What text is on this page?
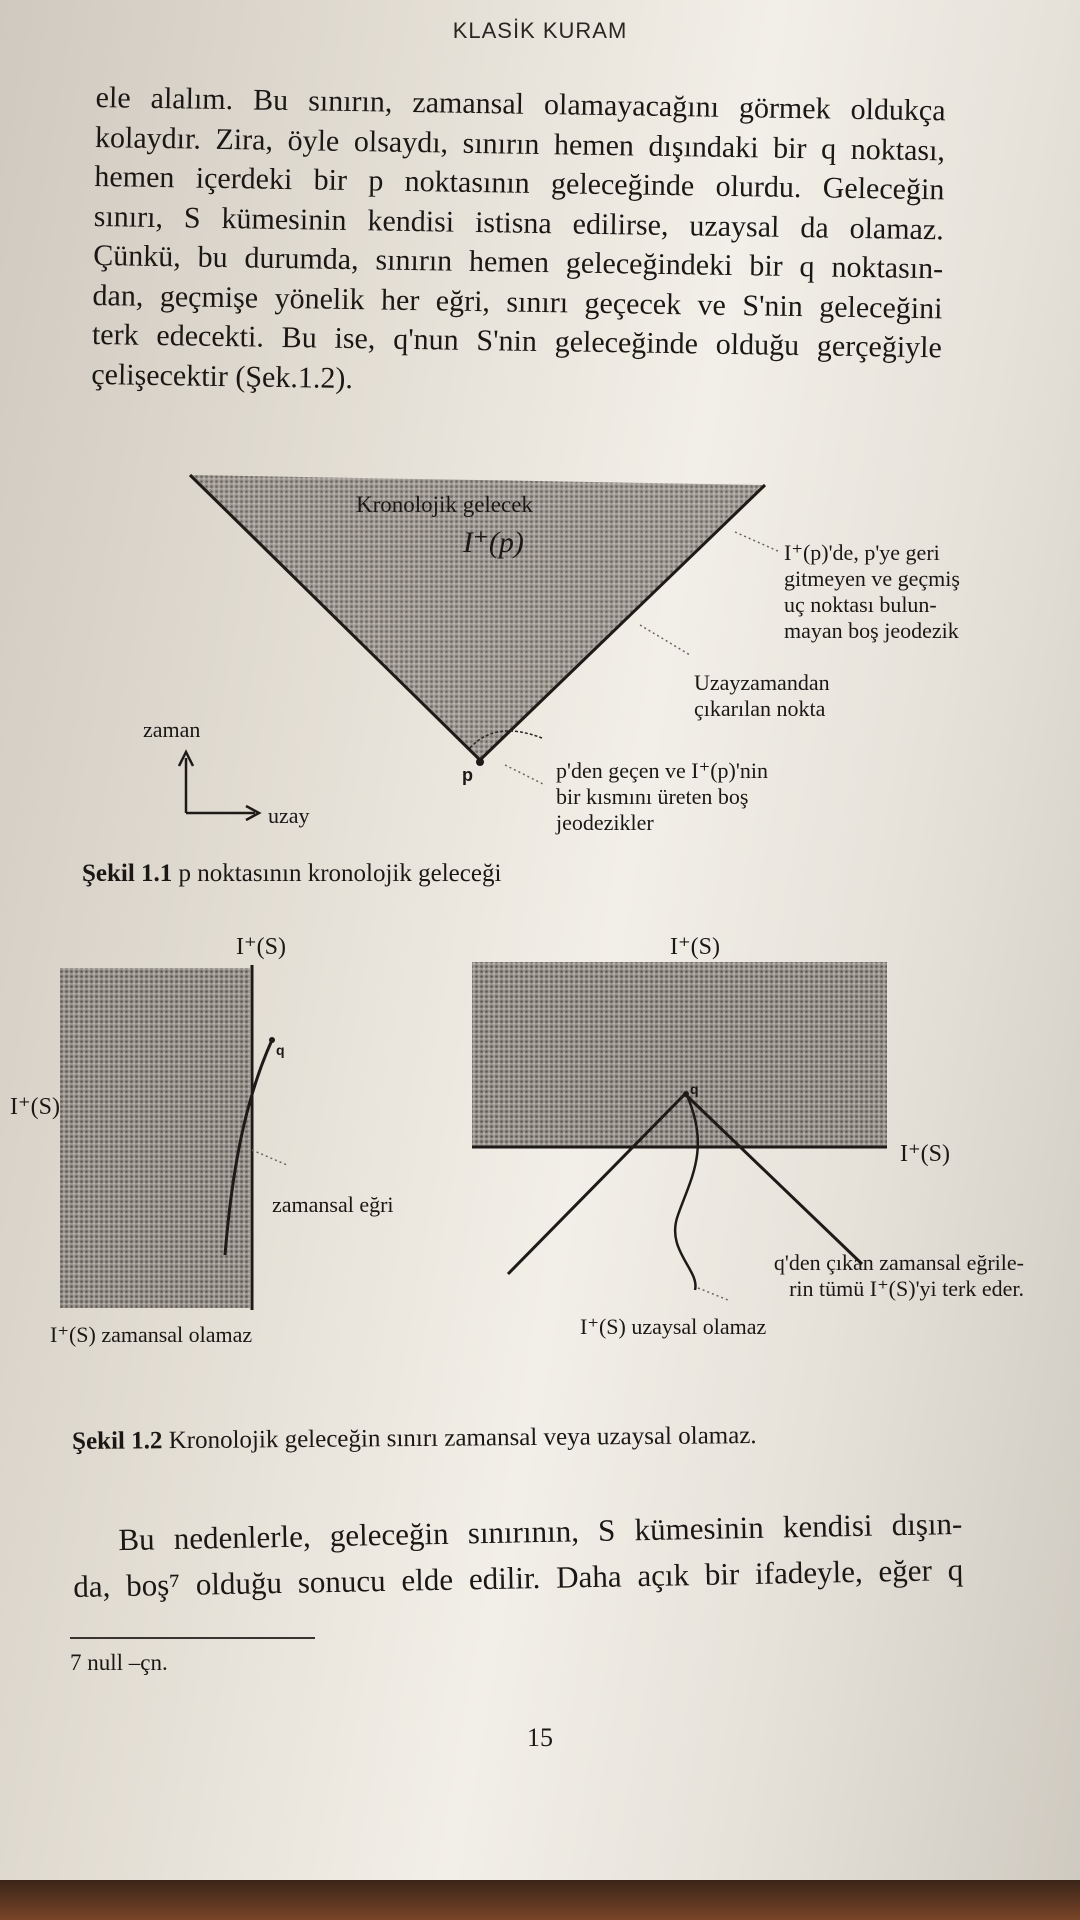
KLASİK KURAM
ele alalım. Bu sınırın, zamansal olamayacağını görmek oldukça
kolaydır. Zira, öyle olsaydı, sınırın hemen dışındaki bir q noktası,
hemen içerdeki bir p noktasının geleceğinde olurdu. Geleceğin
sınırı, S kümesinin kendisi istisna edilirse, uzaysal da olamaz.
Çünkü, bu durumda, sınırın hemen geleceğindeki bir q noktasın-
dan, geçmişe yönelik her eğri, sınırı geçecek ve S'nin geleceğini
terk edecekti. Bu ise, q'nun S'nin geleceğinde olduğu gerçeğiyle
çelişecektir (Şek.1.2).
Kronolojik gelecek
I⁺(p)	I⁺(p)'de, p'ye geri
gitmeyen ve geçmiş
uç noktası bulun-
mayan boş jeodezik
Uzayzamandan
çıkarılan nokta
p'den geçen ve I⁺(p)'nin
bir kısmını üreten boş
jeodezikler
p
zaman
uzay
Şekil 1.1 p noktasının kronolojik geleceği
I⁺(S)
I⁺(S)
q
zamansal eğri
I⁺(S) zamansal olamaz
I⁺(S)
I⁺(S)
q
q'den çıkan zamansal eğrile-
rin tümü I⁺(S)'yi terk eder.
I⁺(S) uzaysal olamaz
Şekil 1.2 Kronolojik geleceğin sınırı zamansal veya uzaysal olamaz.
Bu nedenlerle, geleceğin sınırının, S kümesinin kendisi dışın-
da, boş⁷ olduğu sonucu elde edilir. Daha açık bir ifadeyle, eğer q
7 null –çn.
15
